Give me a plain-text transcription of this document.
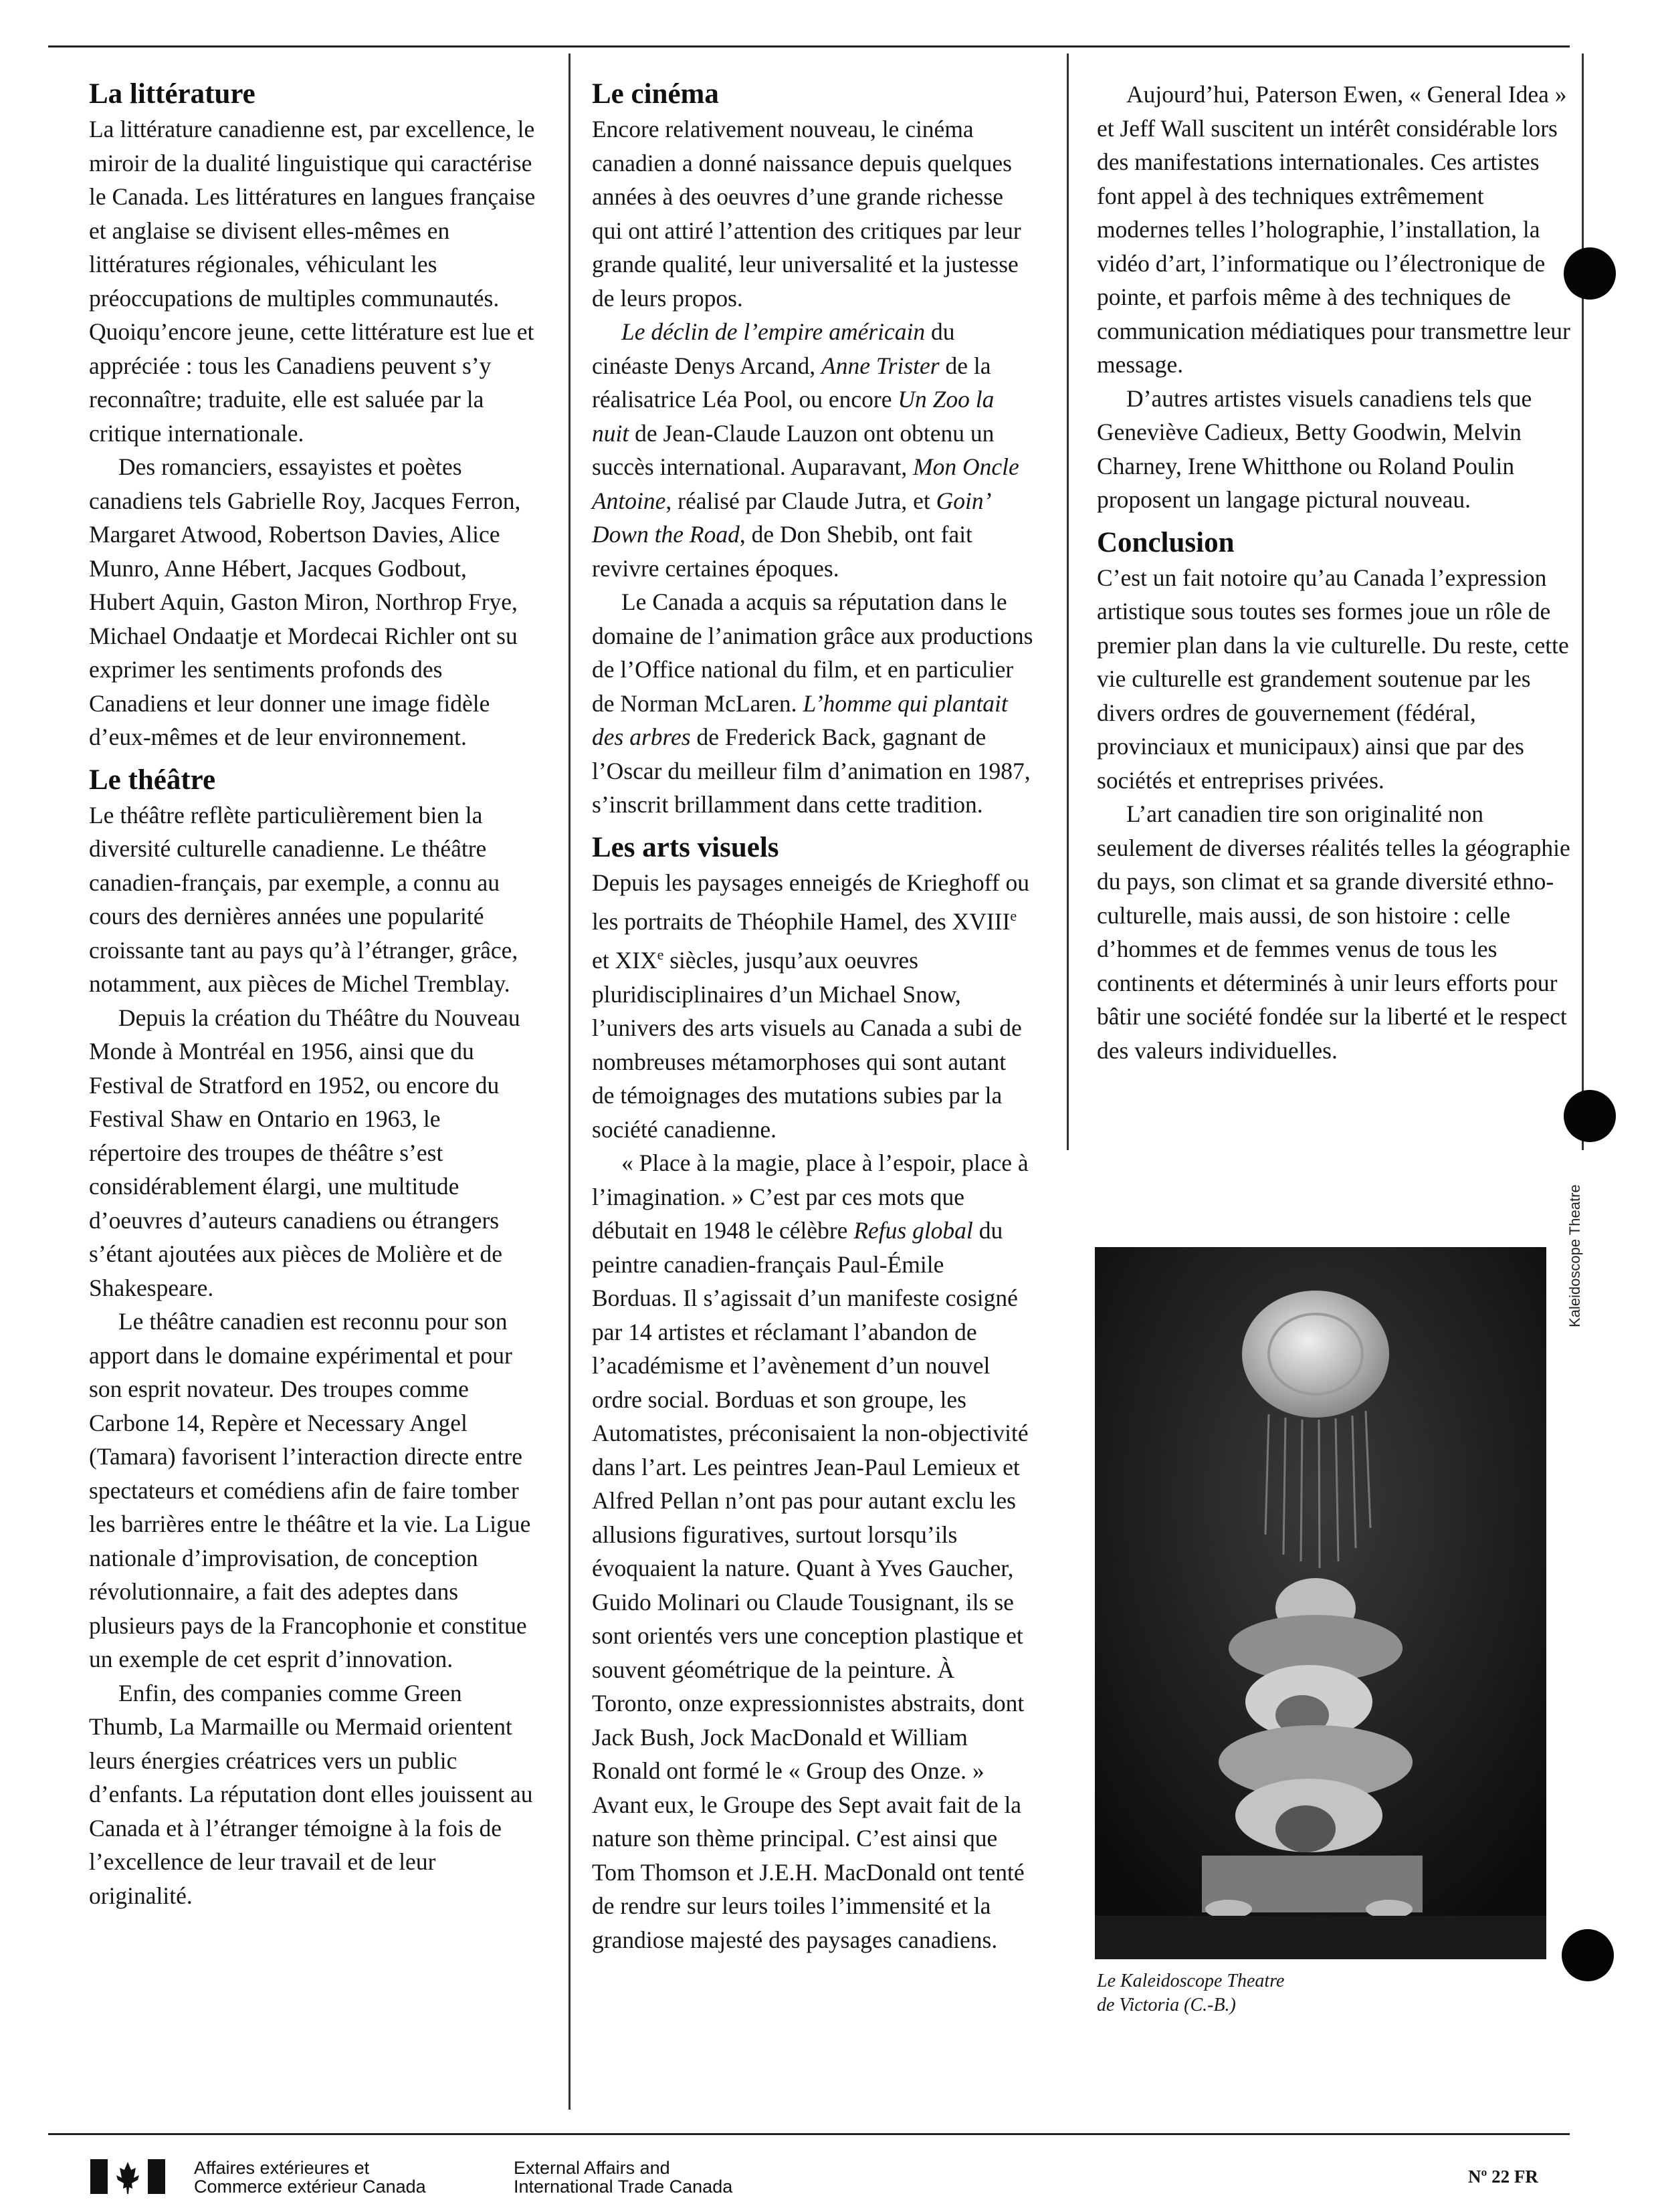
La littérature

La littérature canadienne est, par excellence, le miroir de la dualité linguistique qui caractérise le Canada. Les littératures en langues française et anglaise se divisent elles-mêmes en littératures régionales, véhiculant les préoccupations de multiples communautés. Quoiqu’encore jeune, cette littérature est lue et appréciée : tous les Canadiens peuvent s’y reconnaître; traduite, elle est saluée par la critique internationale.

Des romanciers, essayistes et poètes canadiens tels Gabrielle Roy, Jacques Ferron, Margaret Atwood, Robertson Davies, Alice Munro, Anne Hébert, Jacques Godbout, Hubert Aquin, Gaston Miron, Northrop Frye, Michael Ondaatje et Mordecai Richler ont su exprimer les sentiments profonds des Canadiens et leur donner une image fidèle d’eux-mêmes et de leur environnement.

Le théâtre

Le théâtre reflète particulièrement bien la diversité culturelle canadienne. Le théâtre canadien-français, par exemple, a connu au cours des dernières années une popularité croissante tant au pays qu’à l’étranger, grâce, notamment, aux pièces de Michel Tremblay.

Depuis la création du Théâtre du Nouveau Monde à Montréal en 1956, ainsi que du Festival de Stratford en 1952, ou encore du Festival Shaw en Ontario en 1963, le répertoire des troupes de théâtre s’est considérablement élargi, une multitude d’oeuvres d’auteurs canadiens ou étrangers s’étant ajoutées aux pièces de Molière et de Shakespeare.

Le théâtre canadien est reconnu pour son apport dans le domaine expérimental et pour son esprit novateur. Des troupes comme Carbone 14, Repère et Necessary Angel (Tamara) favorisent l’interaction directe entre spectateurs et comédiens afin de faire tomber les barrières entre le théâtre et la vie. La Ligue nationale d’improvisation, de conception révolutionnaire, a fait des adeptes dans plusieurs pays de la Francophonie et constitue un exemple de cet esprit d’innovation.

Enfin, des companies comme Green Thumb, La Marmaille ou Mermaid orientent leurs énergies créatrices vers un public d’enfants. La réputation dont elles jouissent au Canada et à l’étranger témoigne à la fois de l’excellence de leur travail et de leur originalité.

Le cinéma

Encore relativement nouveau, le cinéma canadien a donné naissance depuis quelques années à des oeuvres d’une grande richesse qui ont attiré l’attention des critiques par leur grande qualité, leur universalité et la justesse de leurs propos.

Le déclin de l’empire américain du cinéaste Denys Arcand, Anne Trister de la réalisatrice Léa Pool, ou encore Un Zoo la nuit de Jean-Claude Lauzon ont obtenu un succès international. Auparavant, Mon Oncle Antoine, réalisé par Claude Jutra, et Goin’ Down the Road, de Don Shebib, ont fait revivre certaines époques.

Le Canada a acquis sa réputation dans le domaine de l’animation grâce aux productions de l’Office national du film, et en particulier de Norman McLaren. L’homme qui plantait des arbres de Frederick Back, gagnant de l’Oscar du meilleur film d’animation en 1987, s’inscrit brillamment dans cette tradition.

Les arts visuels

Depuis les paysages enneigés de Krieghoff ou les portraits de Théophile Hamel, des XVIIIe et XIXe siècles, jusqu’aux oeuvres pluridisciplinaires d’un Michael Snow, l’univers des arts visuels au Canada a subi de nombreuses métamorphoses qui sont autant de témoignages des mutations subies par la société canadienne.

« Place à la magie, place à l’espoir, place à l’imagination. » C’est par ces mots que débutait en 1948 le célèbre Refus global du peintre canadien-français Paul-Émile Borduas. Il s’agissait d’un manifeste cosigné par 14 artistes et réclamant l’abandon de l’académisme et l’avènement d’un nouvel ordre social. Borduas et son groupe, les Automatistes, préconisaient la non-objectivité dans l’art. Les peintres Jean-Paul Lemieux et Alfred Pellan n’ont pas pour autant exclu les allusions figuratives, surtout lorsqu’ils évoquaient la nature. Quant à Yves Gaucher, Guido Molinari ou Claude Tousignant, ils se sont orientés vers une conception plastique et souvent géométrique de la peinture. À Toronto, onze expressionnistes abstraits, dont Jack Bush, Jock MacDonald et William Ronald ont formé le « Group des Onze. » Avant eux, le Groupe des Sept avait fait de la nature son thème principal. C’est ainsi que Tom Thomson et J.E.H. MacDonald ont tenté de rendre sur leurs toiles l’immensité et la grandiose majesté des paysages canadiens.

Aujourd’hui, Paterson Ewen, « General Idea » et Jeff Wall suscitent un intérêt considérable lors des manifestations internationales. Ces artistes font appel à des techniques extrêmement modernes telles l’holographie, l’installation, la vidéo d’art, l’informatique ou l’électronique de pointe, et parfois même à des techniques de communication médiatiques pour transmettre leur message.

D’autres artistes visuels canadiens tels que Geneviève Cadieux, Betty Goodwin, Melvin Charney, Irene Whitthone ou Roland Poulin proposent un langage pictural nouveau.

Conclusion

C’est un fait notoire qu’au Canada l’expression artistique sous toutes ses formes joue un rôle de premier plan dans la vie culturelle. Du reste, cette vie culturelle est grandement soutenue par les divers ordres de gouvernement (fédéral, provinciaux et municipaux) ainsi que par des sociétés et entreprises privées.

L’art canadien tire son originalité non seulement de diverses réalités telles la géographie du pays, son climat et sa grande diversité ethno-culturelle, mais aussi, de son histoire : celle d’hommes et de femmes venus de tous les continents et déterminés à unir leurs efforts pour bâtir une société fondée sur la liberté et le respect des valeurs individuelles.

Kaleidoscope Theatre
Le Kaleidoscope Theatre
de Victoria (C.-B.)
Affaires extérieures et
Commerce extérieur Canada
External Affairs and
International Trade Canada	Nº 22 FR
